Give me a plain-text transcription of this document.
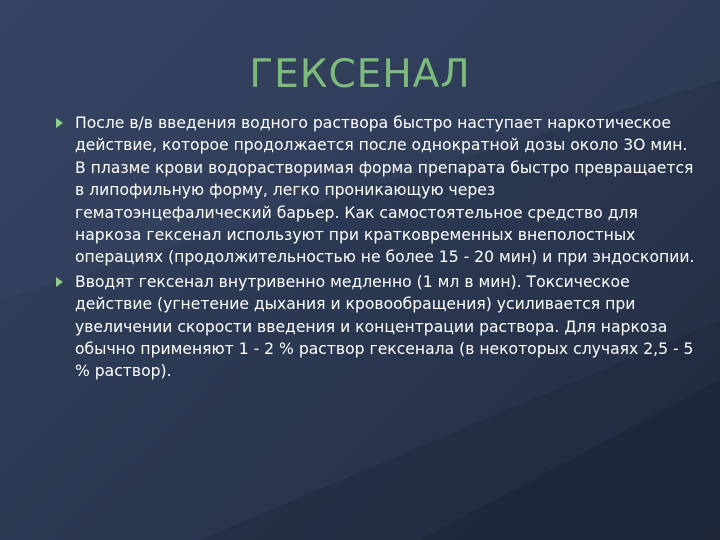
ГЕКСЕНАЛ
После в/в введения водного раствора быстро наступает наркотическое действие, которое продолжается после однократной дозы около 3О мин. В плазме крови водорастворимая форма препарата быстро превращается в липофильную форму, легко проникающую через гематоэнцефалический барьер. Как самостоятельное средство для наркоза гексенал используют при кратковременных внеполостных операциях (продолжительностью не более 15 - 20 мин) и при эндоскопии.
Вводят гексенал внутривенно медленно (1 мл в мин). Токсическое действие (угнетение дыхания и кровообращения) усиливается при увеличении скорости введения и концентрации раствора. Для наркоза обычно применяют 1 - 2 % раствор гексенала (в некоторых случаях 2,5 - 5 % раствор).
